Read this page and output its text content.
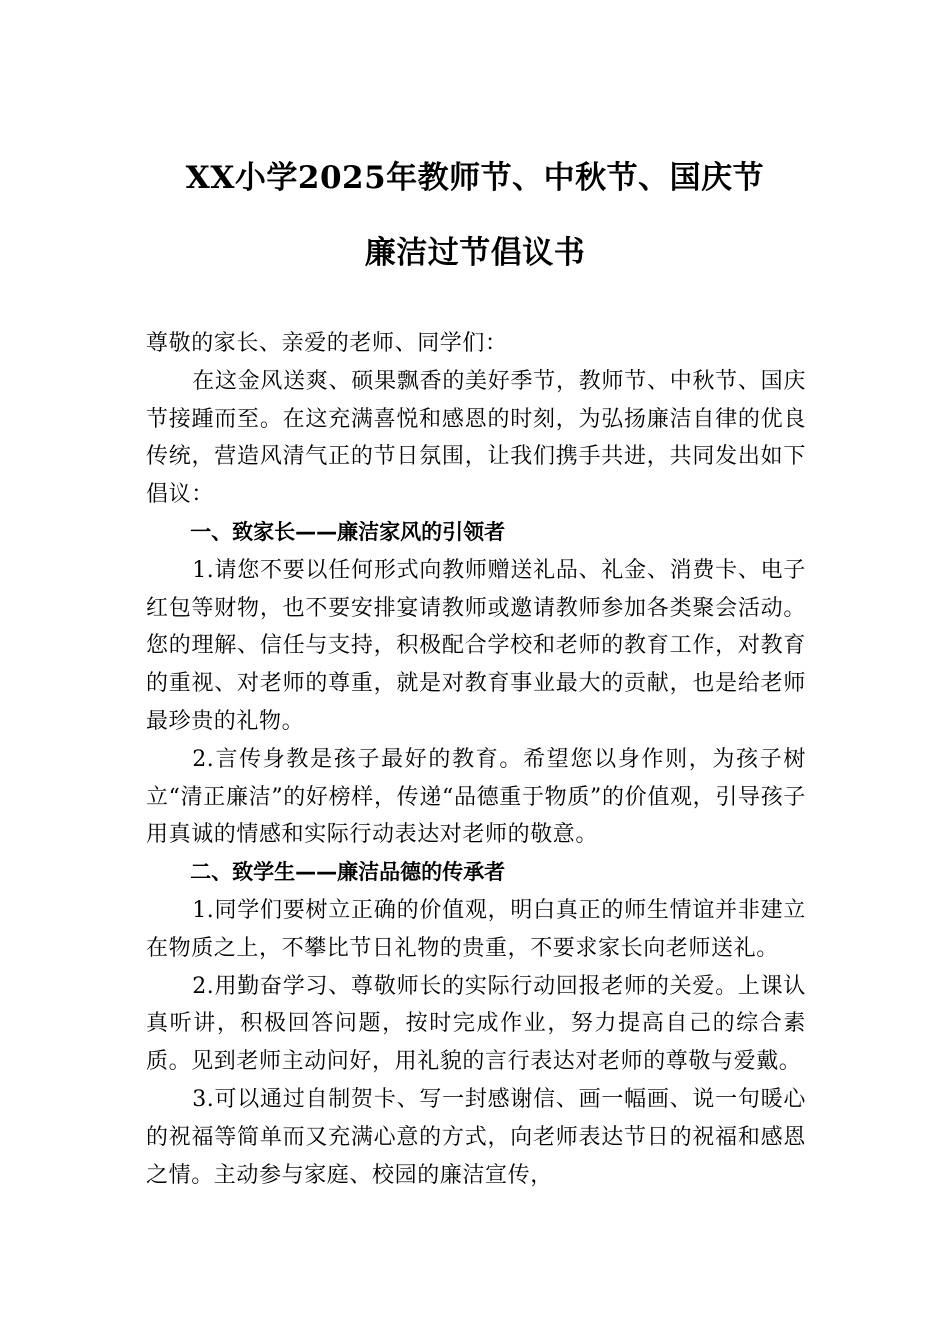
XX小学2025年教师节、中秋节、国庆节
廉洁过节倡议书

尊敬的家长、亲爱的老师、同学们：

在这金风送爽、硕果飘香的美好季节，教师节、中秋节、国庆节接踵而至。在这充满喜悦和感恩的时刻，为弘扬廉洁自律的优良传统，营造风清气正的节日氛围，让我们携手共进，共同发出如下倡议：

一、致家长——廉洁家风的引领者

1.请您不要以任何形式向教师赠送礼品、礼金、消费卡、电子红包等财物，也不要安排宴请教师或邀请教师参加各类聚会活动。您的理解、信任与支持，积极配合学校和老师的教育工作，对教育的重视、对老师的尊重，就是对教育事业最大的贡献，也是给老师最珍贵的礼物。

2.言传身教是孩子最好的教育。希望您以身作则，为孩子树立“清正廉洁”的好榜样，传递“品德重于物质”的价值观，引导孩子用真诚的情感和实际行动表达对老师的敬意。

二、致学生——廉洁品德的传承者

1.同学们要树立正确的价值观，明白真正的师生情谊并非建立在物质之上，不攀比节日礼物的贵重，不要求家长向老师送礼。

2.用勤奋学习、尊敬师长的实际行动回报老师的关爱。上课认真听讲，积极回答问题，按时完成作业，努力提高自己的综合素质。见到老师主动问好，用礼貌的言行表达对老师的尊敬与爱戴。

3.可以通过自制贺卡、写一封感谢信、画一幅画、说一句暖心的祝福等简单而又充满心意的方式，向老师表达节日的祝福和感恩之情。主动参与家庭、校园的廉洁宣传，
